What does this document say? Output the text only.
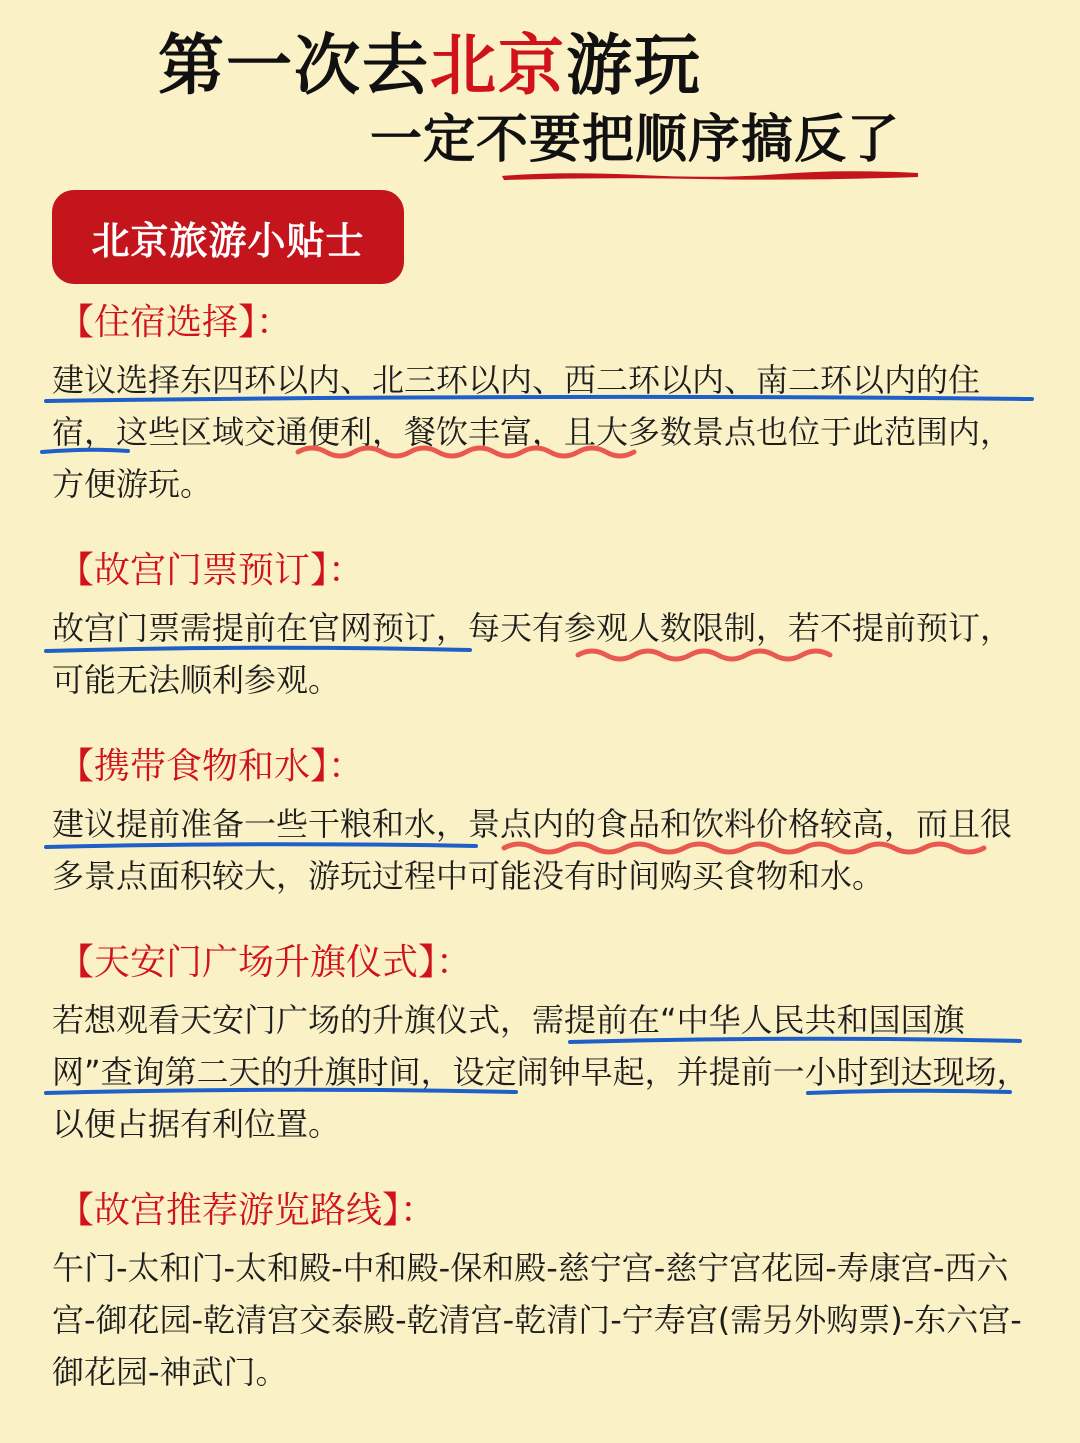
第一次去北京游玩
一定不要把顺序搞反了
北京旅游小贴士
【住宿选择】：
建议选择东四环以内、北三环以内、西二环以内、南二环以内的住宿，这些区域交通便利，餐饮丰富，且大多数景点也位于此范围内，方便游玩。
【故宫门票预订】：
故宫门票需提前在官网预订，每天有参观人数限制，若不提前预订，可能无法顺利参观。
【携带食物和水】：
建议提前准备一些干粮和水，景点内的食品和饮料价格较高，而且很多景点面积较大，游玩过程中可能没有时间购买食物和水。
【天安门广场升旗仪式】：
若想观看天安门广场的升旗仪式，需提前在“中华人民共和国国旗网”查询第二天的升旗时间，设定闹钟早起，并提前一小时到达现场，以便占据有利位置。
【故宫推荐游览路线】：
午门-太和门-太和殿-中和殿-保和殿-慈宁宫-慈宁宫花园-寿康宫-西六宫-御花园-乾清宫交泰殿-乾清宫-乾清门-宁寿宫(需另外购票)-东六宫-御花园-神武门。
